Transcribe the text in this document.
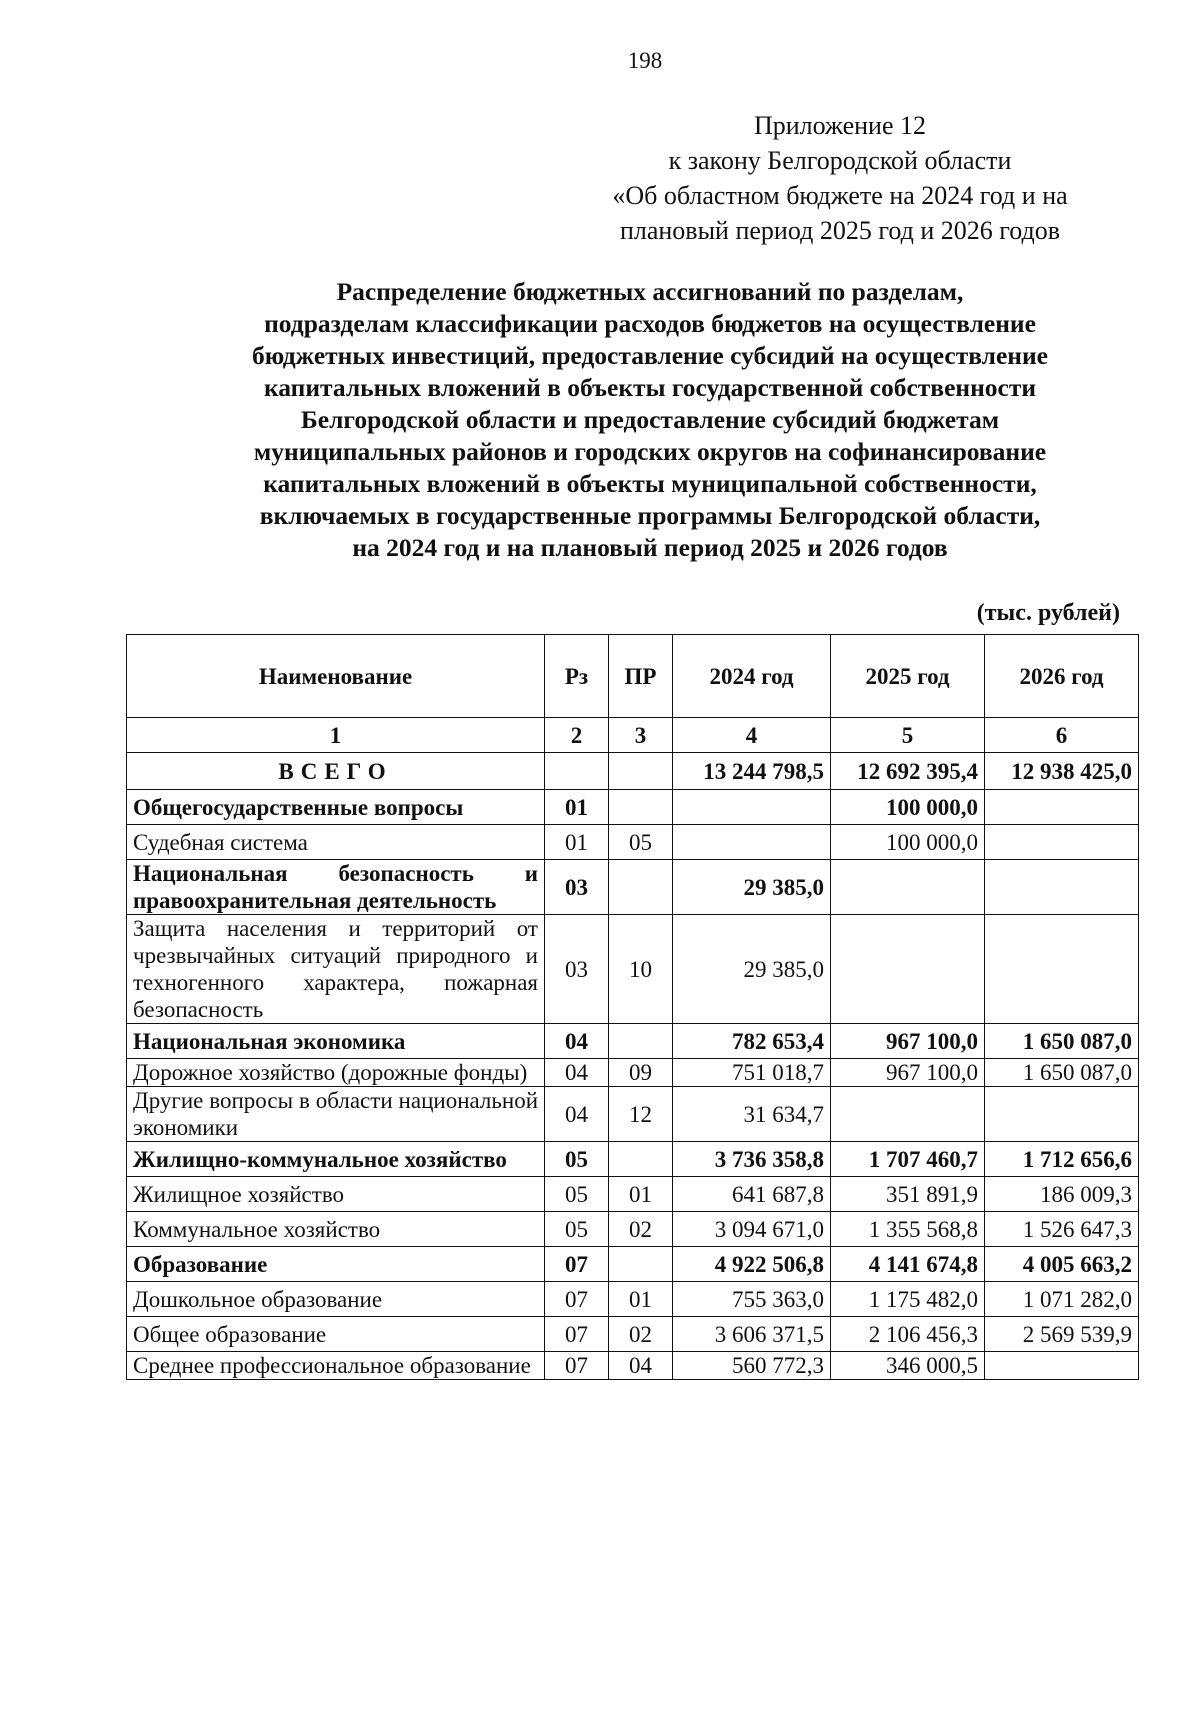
198
Приложение 12
к закону Белгородской области
«Об областном бюджете на 2024 год и на
плановый период 2025 год и 2026 годов
Распределение бюджетных ассигнований по разделам,
подразделам классификации расходов бюджетов на осуществление
бюджетных инвестиций, предоставление субсидий на осуществление
капитальных вложений в объекты государственной собственности
Белгородской области и предоставление субсидий бюджетам
муниципальных районов и городских округов на софинансирование
капитальных вложений в объекты муниципальной собственности,
включаемых в государственные программы Белгородской области,
на 2024 год и на плановый период 2025 и 2026 годов
(тыс. рублей)
Наименование	Рз	ПР	2024 год	2025 год	2026 год
1	2	3	4	5	6
ВСЕГО			13 244 798,5	12 692 395,4	12 938 425,0
Общегосударственные вопросы	01			100 000,0	
Судебная система	01	05		100 000,0	
Национальная безопасность и правоохранительная деятельность	03		29 385,0		
Защита населения и территорий от чрезвычайных ситуаций природного и техногенного характера, пожарная безопасность	03	10	29 385,0		
Национальная экономика	04		782 653,4	967 100,0	1 650 087,0
Дорожное хозяйство (дорожные фонды)	04	09	751 018,7	967 100,0	1 650 087,0
Другие вопросы в области национальной экономики	04	12	31 634,7		
Жилищно-коммунальное хозяйство	05		3 736 358,8	1 707 460,7	1 712 656,6
Жилищное хозяйство	05	01	641 687,8	351 891,9	186 009,3
Коммунальное хозяйство	05	02	3 094 671,0	1 355 568,8	1 526 647,3
Образование	07		4 922 506,8	4 141 674,8	4 005 663,2
Дошкольное образование	07	01	755 363,0	1 175 482,0	1 071 282,0
Общее образование	07	02	3 606 371,5	2 106 456,3	2 569 539,9
Среднее профессиональное образование	07	04	560 772,3	346 000,5	
